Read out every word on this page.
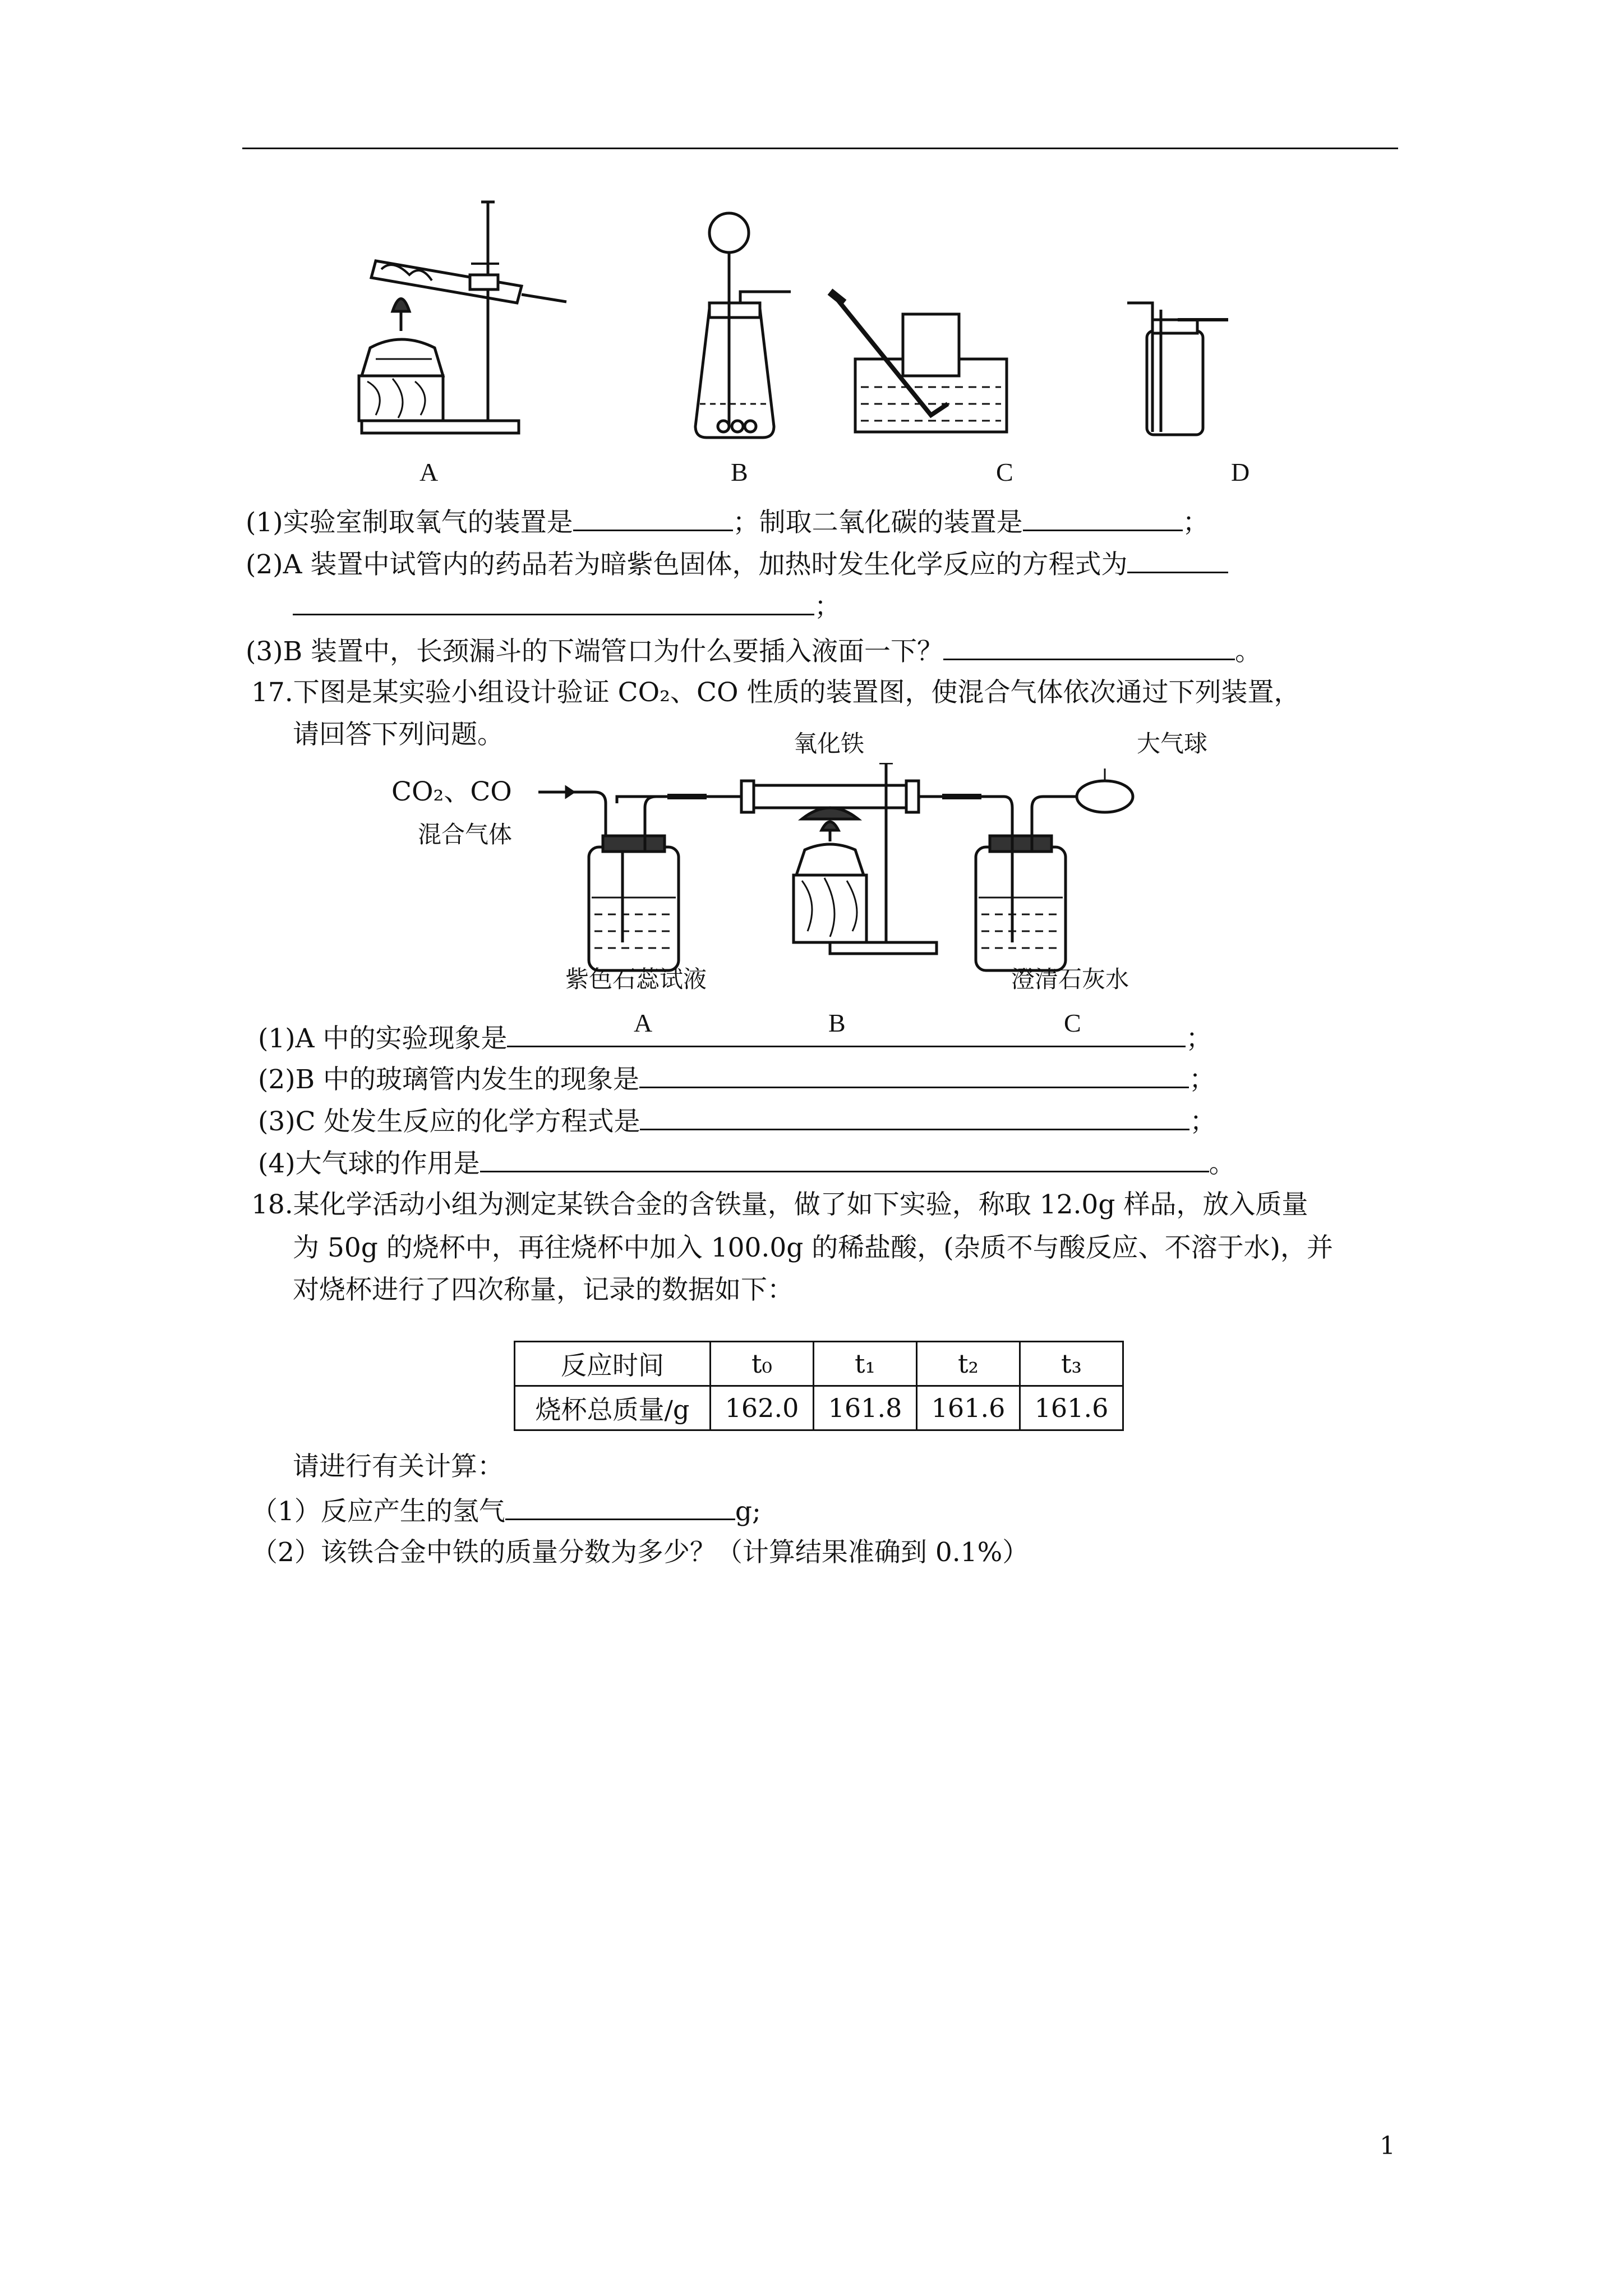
A	B	C	D
(1)实验室制取氧气的装置是	；制取二氧化碳的装置是	；
(2)A 装置中试管内的药品若为暗紫色固体，加热时发生化学反应的方程式为
；
(3)B 装置中，长颈漏斗的下端管口为什么要插入液面一下？	。
17.下图是某实验小组设计验证 CO₂、CO 性质的装置图，使混合气体依次通过下列装置，
请回答下列问题。
CO₂、CO
混合气体
氧化铁	大气球
紫色石蕊试液	澄清石灰水
A	B	C
(1)A 中的实验现象是	；
(2)B 中的玻璃管内发生的现象是	；
(3)C 处发生反应的化学方程式是	；
(4)大气球的作用是	。
18.某化学活动小组为测定某铁合金的含铁量，做了如下实验，称取 12.0g 样品，放入质量
为 50g 的烧杯中，再往烧杯中加入 100.0g 的稀盐酸，(杂质不与酸反应、不溶于水)，并
对烧杯进行了四次称量，记录的数据如下：
反应时间	t₀	t₁	t₂	t₃
烧杯总质量/g	162.0	161.8	161.6	161.6
请进行有关计算：
（1）反应产生的氢气	g;
（2）该铁合金中铁的质量分数为多少？（计算结果准确到 0.1%）
1
